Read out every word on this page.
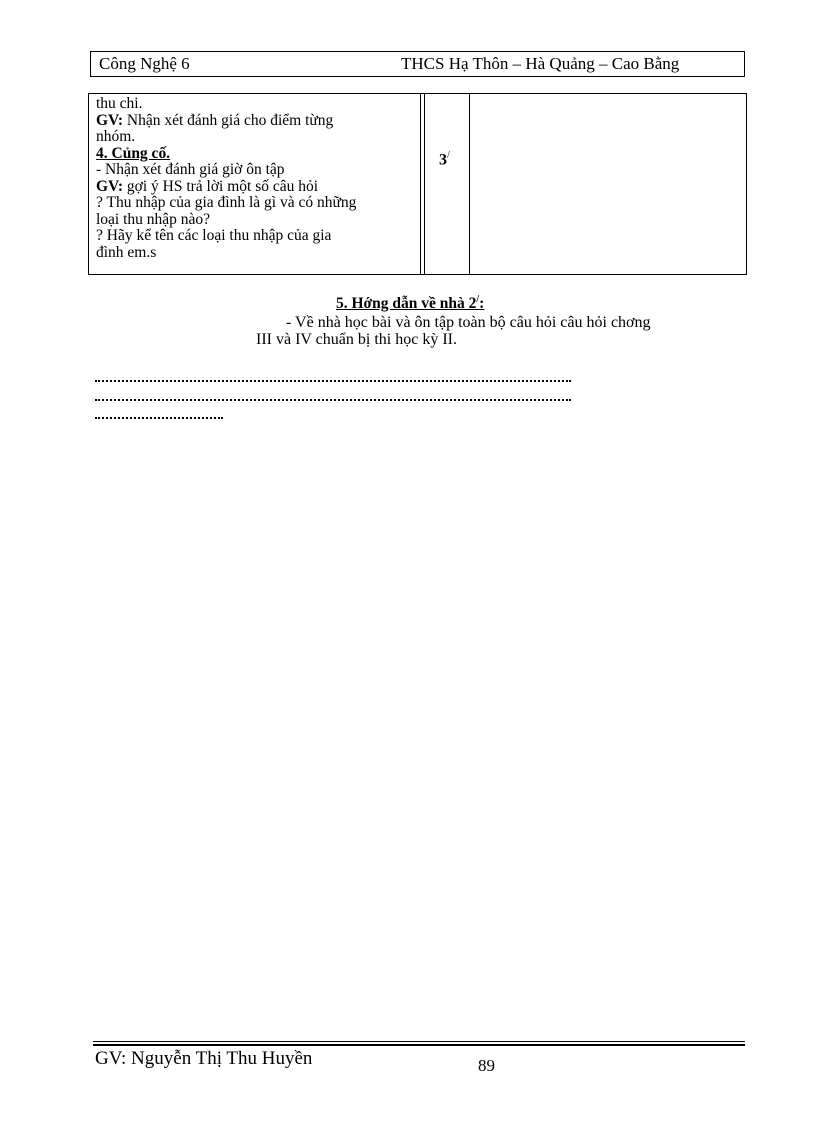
Công Nghệ 6	THCS Hạ Thôn – Hà Quảng – Cao Bằng
thu chi.
GV: Nhận xét đánh giá cho điểm từng
nhóm.
4. Củng cố.
- Nhận xét đánh giá giờ ôn tập
GV: gợi ý HS trả lời một số câu hỏi
? Thu nhập của gia đình là gì và có những
loại thu nhập nào?
? Hãy kể tên các loại thu nhập của gia
đình em.s
3/
5. Hớng dẫn về nhà 2/:
- Về nhà học bài và ôn tập toàn bộ câu hỏi câu hỏi chơng
III và IV chuẩn bị thi học kỳ II.
GV: Nguyễn Thị Thu Huyền	89
